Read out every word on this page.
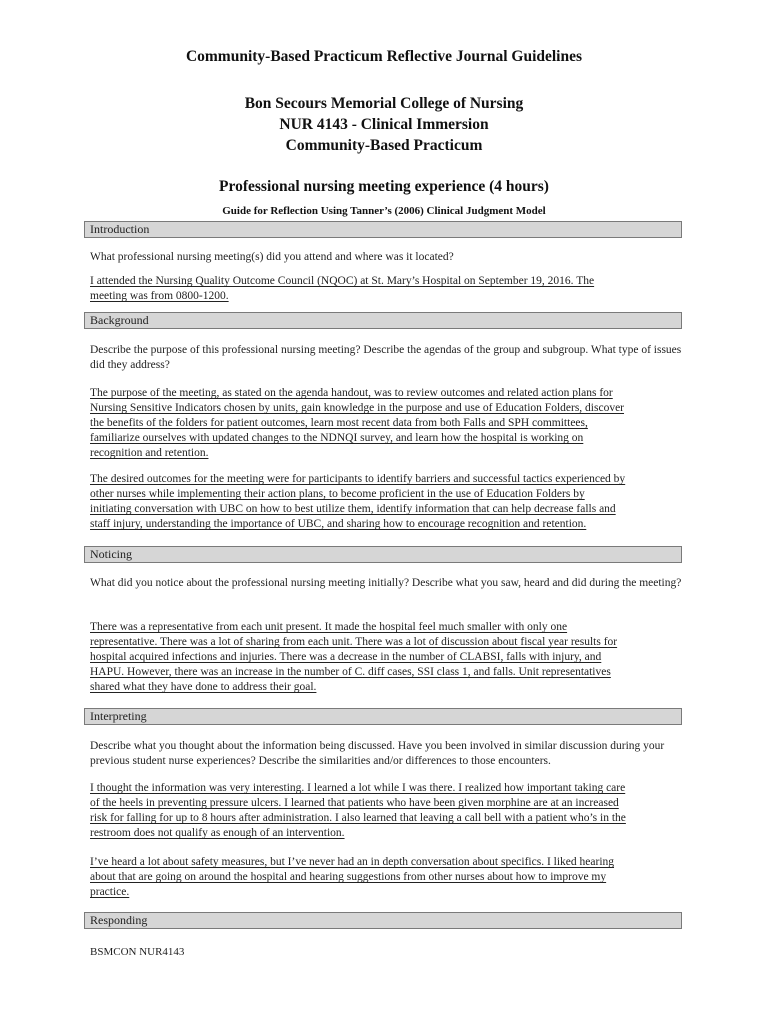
Community-Based Practicum Reflective Journal Guidelines
Bon Secours Memorial College of Nursing
NUR 4143 - Clinical Immersion
Community-Based Practicum
Professional nursing meeting experience (4 hours)
Guide for Reflection Using Tanner’s (2006) Clinical Judgment Model
Introduction
What professional nursing meeting(s) did you attend and where was it located?
I attended the Nursing Quality Outcome Council (NQOC) at St. Mary’s Hospital on September 19, 2016. The
meeting was from 0800-1200.
Background
Describe the purpose of this professional nursing meeting? Describe the agendas of the group and subgroup. What type of issues did they address?
The purpose of the meeting, as stated on the agenda handout, was to review outcomes and related action plans for
Nursing Sensitive Indicators chosen by units, gain knowledge in the purpose and use of Education Folders, discover
the benefits of the folders for patient outcomes, learn most recent data from both Falls and SPH committees,
familiarize ourselves with updated changes to the NDNQI survey, and learn how the hospital is working on
recognition and retention.
The desired outcomes for the meeting were for participants to identify barriers and successful tactics experienced by
other nurses while implementing their action plans, to become proficient in the use of Education Folders by
initiating conversation with UBC on how to best utilize them, identify information that can help decrease falls and
staff injury, understanding the importance of UBC, and sharing how to encourage recognition and retention.
Noticing
What did you notice about the professional nursing meeting initially? Describe what you saw, heard and did during the meeting?
There was a representative from each unit present. It made the hospital feel much smaller with only one
representative. There was a lot of sharing from each unit. There was a lot of discussion about fiscal year results for
hospital acquired infections and injuries. There was a decrease in the number of CLABSI, falls with injury, and
HAPU. However, there was an increase in the number of C. diff cases, SSI class 1, and falls. Unit representatives
shared what they have done to address their goal.
Interpreting
Describe what you thought about the information being discussed. Have you been involved in similar discussion during your previous student nurse experiences? Describe the similarities and/or differences to those encounters.
I thought the information was very interesting. I learned a lot while I was there. I realized how important taking care
of the heels in preventing pressure ulcers. I learned that patients who have been given morphine are at an increased
risk for falling for up to 8 hours after administration. I also learned that leaving a call bell with a patient who’s in the
restroom does not qualify as enough of an intervention.
I’ve heard a lot about safety measures, but I’ve never had an in depth conversation about specifics. I liked hearing
about that are going on around the hospital and hearing suggestions from other nurses about how to improve my
practice.
Responding
BSMCON NUR4143
